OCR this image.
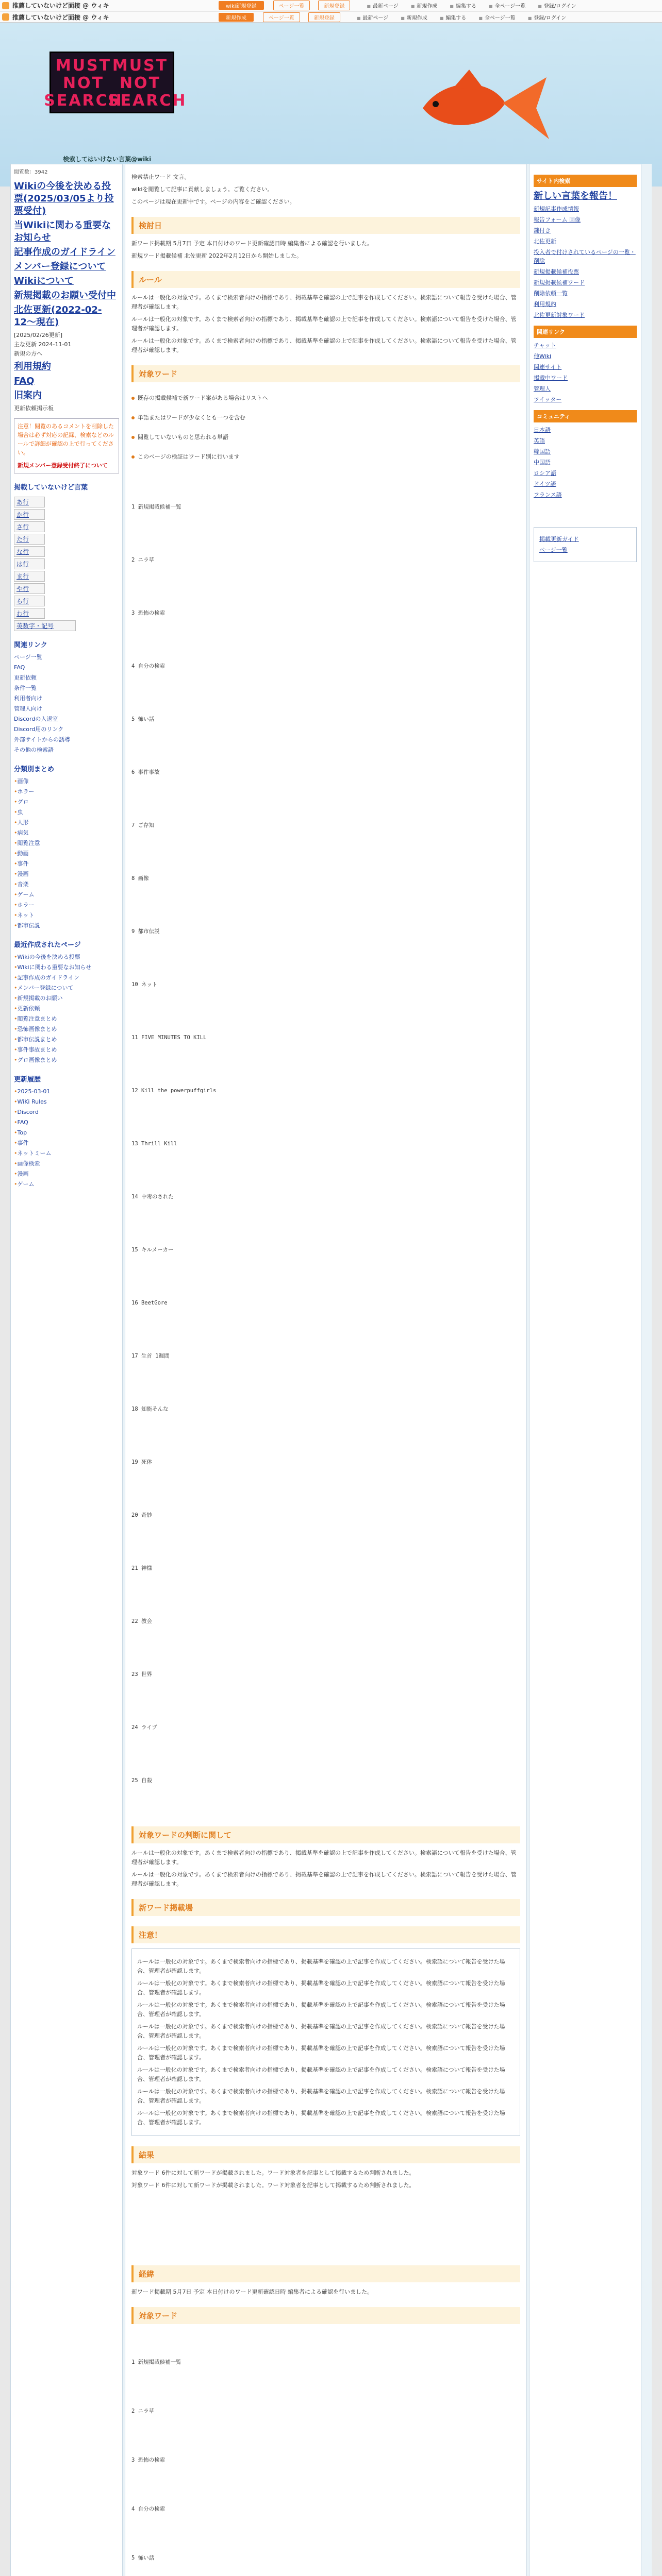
推薦していないけど面接 @ ウィキ	wiki新規登録	ページ一覧	新規登録	■ 最新ページ	■ 新規作成	■ 編集する	■ 全ページ一覧	■ 登録/ログイン
推薦していないけど面接 @ ウィキ	新規作成	ページ一覧	新規登録	■ 最新ページ	■ 新規作成	■ 編集する	■ 全ページ一覧	■ 登録/ログイン
MUST
NOT
SEARCH
MUST
NOT
SEARCH
検索してはいけない言葉@wiki
閲覧数：3942
Wikiの今後を決める投票(2025/03/05より投票受付)
当Wikiに関わる重要なお知らせ
記事作成のガイドライン
メンバー登録について
Wikiについて
新規掲載のお願い受付中
北佐更新(2022-02-12〜現在)
[2025/02/26更新]
主な更新 2024-11-01
新規の方へ
利用規約
FAQ
旧案内
更新依頼掲示板
注意！閲覧のあるコメントを削除した場合は必ず対応の記録、検索などのルールで詳細が確認の上で行ってください。
新規メンバー登録受付終了について
掲載していないけど言葉
あ行
か行
さ行
た行
な行
は行
ま行
や行
ら行
わ行
英数字・記号
関連リンク
ページ一覧
FAQ
更新依頼
条件一覧
利用者向け
管理人向け
Discordの入退室
Discord用のリンク
外部サイトからの誘導
その他の検索語
分類別まとめ
• 画像
• ホラー
• グロ
• 虫
• 人形
• 病気
• 閲覧注意
• 動画
• 事件
• 漫画
• 音楽
• ゲーム
• ホラー
• ネット
• 都市伝説
最近作成されたページ
• Wikiの今後を決める投票
• Wikiに関わる重要なお知らせ
• 記事作成のガイドライン
• メンバー登録について
• 新規掲載のお願い
• 更新依頼
• 閲覧注意まとめ
• 恐怖画像まとめ
• 都市伝説まとめ
• 事件事故まとめ
• グロ画像まとめ
更新履歴
• 2025-03-01
• WiKi Rules
• Discord
• FAQ
• Top
• 事件
• ネットミーム
• 画像検索
• 漫画
• ゲーム

検索禁止ワード 文言。

wikiを閲覧して記事に貢献しましょう。ご覧ください。

このページは現在更新中です。ページの内容をご確認ください。

検討日

新ワード掲載期 5月7日 予定 本日付けのワード更新確認日時 編集者による確認を行いました。

新規ワード掲載候補 北佐更新 2022年2月12日から開始しました。

ルール

ルールは一般化の対象です。あくまで検索者向けの指標であり、掲載基準を確認の上で記事を作成してください。検索語について報告を受けた場合、管理者が確認します。

ルールは一般化の対象です。あくまで検索者向けの指標であり、掲載基準を確認の上で記事を作成してください。検索語について報告を受けた場合、管理者が確認します。

ルールは一般化の対象です。あくまで検索者向けの指標であり、掲載基準を確認の上で記事を作成してください。検索語について報告を受けた場合、管理者が確認します。

対象ワード
既存の掲載候補で新ワード案がある場合はリストへ
単語またはワードが少なくとも一つを含む
閲覧していないものと思われる単語
このページの検証はワード別に行います

1 新規掲載候補一覧

2 ニラ草

3 恐怖の検索

4 自分の検索

5 怖い話

6 事件事故

7 ご存知

8 画像

9 都市伝説

10 ネット

11 FIVE MINUTES TO KILL

12 Kill the powerpuffgirls

13 Thrill Kill

14 中毒のされた

15 キルメーカー

16 BeetGore

17 生首 1週間

18 知能そんな

19 死体

20 奇妙

21 神様

22 教会

23 世界

24 ライブ

25 自殺

対象ワードの判断に関して

ルールは一般化の対象です。あくまで検索者向けの指標であり、掲載基準を確認の上で記事を作成してください。検索語について報告を受けた場合、管理者が確認します。

ルールは一般化の対象です。あくまで検索者向けの指標であり、掲載基準を確認の上で記事を作成してください。検索語について報告を受けた場合、管理者が確認します。

新ワード掲載場
注意！

ルールは一般化の対象です。あくまで検索者向けの指標であり、掲載基準を確認の上で記事を作成してください。検索語について報告を受けた場合、管理者が確認します。

ルールは一般化の対象です。あくまで検索者向けの指標であり、掲載基準を確認の上で記事を作成してください。検索語について報告を受けた場合、管理者が確認します。

ルールは一般化の対象です。あくまで検索者向けの指標であり、掲載基準を確認の上で記事を作成してください。検索語について報告を受けた場合、管理者が確認します。

ルールは一般化の対象です。あくまで検索者向けの指標であり、掲載基準を確認の上で記事を作成してください。検索語について報告を受けた場合、管理者が確認します。

ルールは一般化の対象です。あくまで検索者向けの指標であり、掲載基準を確認の上で記事を作成してください。検索語について報告を受けた場合、管理者が確認します。

ルールは一般化の対象です。あくまで検索者向けの指標であり、掲載基準を確認の上で記事を作成してください。検索語について報告を受けた場合、管理者が確認します。

ルールは一般化の対象です。あくまで検索者向けの指標であり、掲載基準を確認の上で記事を作成してください。検索語について報告を受けた場合、管理者が確認します。

ルールは一般化の対象です。あくまで検索者向けの指標であり、掲載基準を確認の上で記事を作成してください。検索語について報告を受けた場合、管理者が確認します。

結果

対象ワード 6件に対して新ワードが掲載されました。ワード対象者を記事として掲載するため判断されました。

対象ワード 6件に対して新ワードが掲載されました。ワード対象者を記事として掲載するため判断されました。

経緯

新ワード掲載期 5月7日 予定 本日付けのワード更新確認日時 編集者による確認を行いました。

対象ワード

1 新規掲載候補一覧

2 ニラ草

3 恐怖の検索

4 自分の検索

5 怖い話

サイト内検索
新しい言葉を報告！
新規記事作成情報
報告フォーム 画像
鍵付き
北佐更新
投入者で付けされているページの一覧・削除
新規掲載候補投票
新規掲載候補ワード
削除依頼一覧
利用規約
北佐更新対象ワード
関連リンク
チャット
他Wiki
関連サイト
掲載中ワード
管理人
ツイッター
コミュニティ
日本語
英語
韓国語
中国語
ロシア語
ドイツ語
フランス語
掲載更新ガイド
ページ一覧
